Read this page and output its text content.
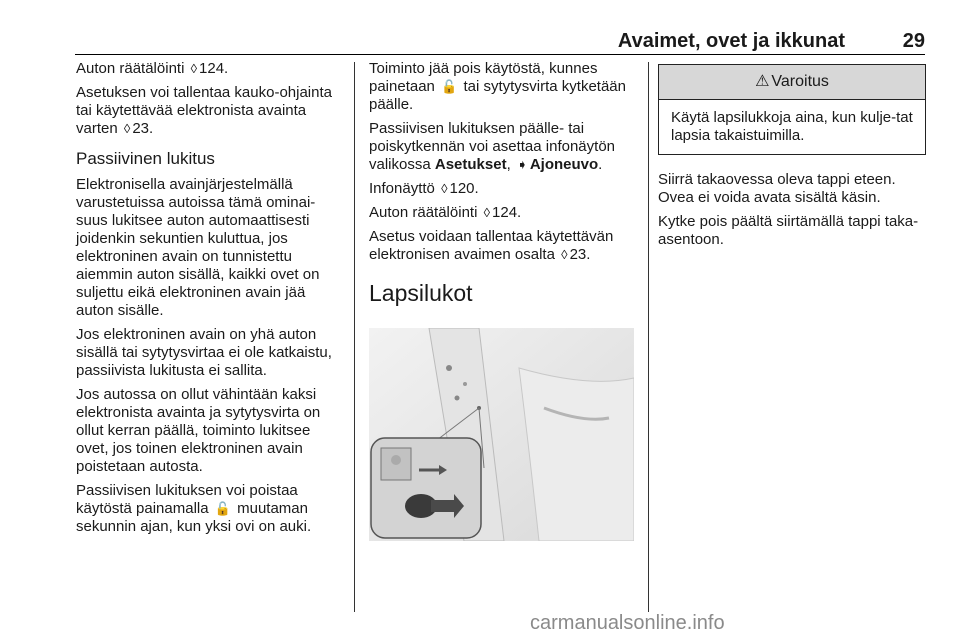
Avaimet, ovet ja ikkunat	29

Auton räätälöinti ◊ 124.

Asetuksen voi tallentaa kauko-ohjainta tai käytettävää elektronista avainta varten ◊ 23.

Passiivinen lukitus

Elektronisella avainjärjestelmällä varustetuissa autoissa tämä ominai-suus lukitsee auton automaattisesti joidenkin sekuntien kuluttua, jos elektroninen avain on tunnistettu aiemmin auton sisällä, kaikki ovet on suljettu eikä elektroninen avain jää auton sisälle.

Jos elektroninen avain on yhä auton sisällä tai sytytysvirtaa ei ole katkaistu, passiivista lukitusta ei sallita.

Jos autossa on ollut vähintään kaksi elektronista avainta ja sytytysvirta on ollut kerran päällä, toiminto lukitsee ovet, jos toinen elektroninen avain poistetaan autosta.

Passiivisen lukituksen voi poistaa käytöstä painamalla 🔓 muutaman sekunnin ajan, kun yksi ovi on auki.

Toiminto jää pois käytöstä, kunnes painetaan 🔓 tai sytytysvirta kytketään päälle.

Passiivisen lukituksen päälle- tai poiskytkennän voi asettaa infonäytön valikossa Asetukset, ➧ Ajoneuvo.

Infonäyttö ◊ 120.

Auton räätälöinti ◊ 124.

Asetus voidaan tallentaa käytettävän elektronisen avaimen osalta ◊ 23.

Lapsilukot
⚠ Varoitus
Käytä lapsilukkoja aina, kun kulje-tat lapsia takaistuimilla.

Siirrä takaovessa oleva tappi eteen. Ovea ei voida avata sisältä käsin.

Kytke pois päältä siirtämällä tappi taka-asentoon.

carmanualsonline.info
